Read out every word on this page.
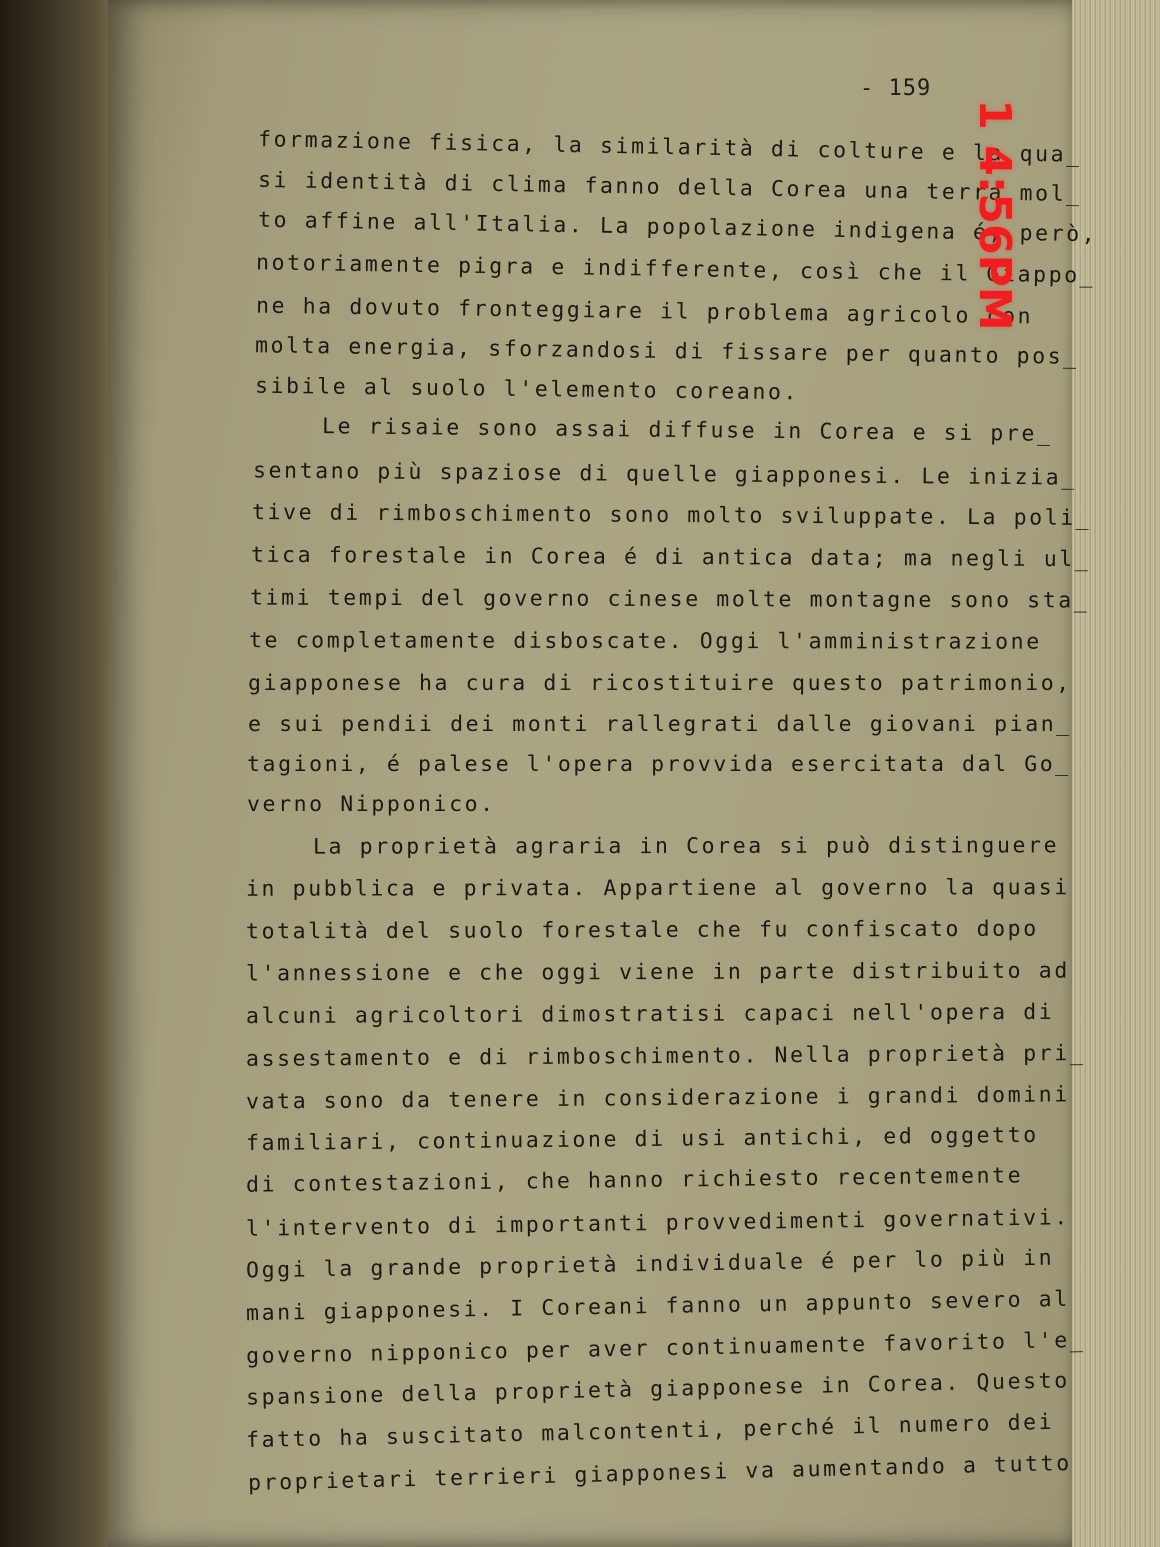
- 159
formazione fisica, la similarità di colture e la qua_
si identità di clima fanno della Corea una terra mol_
to affine all'Italia. La popolazione indigena é, però,
notoriamente pigra e indifferente, così che il Giappo_
ne ha dovuto fronteggiare il problema agricolo con
molta energia, sforzandosi di fissare per quanto pos_
sibile al suolo l'elemento coreano.
Le risaie sono assai diffuse in Corea e si pre_
sentano più spaziose di quelle giapponesi. Le inizia_
tive di rimboschimento sono molto sviluppate. La poli_
tica forestale in Corea é di antica data; ma negli ul_
timi tempi del governo cinese molte montagne sono sta_
te completamente disboscate. Oggi l'amministrazione
giapponese ha cura di ricostituire questo patrimonio,
e sui pendii dei monti rallegrati dalle giovani pian_
tagioni, é palese l'opera provvida esercitata dal Go_
verno Nipponico.
La proprietà agraria in Corea si può distinguere
in pubblica e privata. Appartiene al governo la quasi
totalità del suolo forestale che fu confiscato dopo
l'annessione e che oggi viene in parte distribuito ad
alcuni agricoltori dimostratisi capaci nell'opera di
assestamento e di rimboschimento. Nella proprietà pri_
vata sono da tenere in considerazione i grandi domini
familiari, continuazione di usi antichi, ed oggetto
di contestazioni, che hanno richiesto recentemente
l'intervento di importanti provvedimenti governativi.
Oggi la grande proprietà individuale é per lo più in
mani giapponesi. I Coreani fanno un appunto severo al
governo nipponico per aver continuamente favorito l'e_
spansione della proprietà giapponese in Corea. Questo
fatto ha suscitato malcontenti, perché il numero dei
proprietari terrieri giapponesi va aumentando a tutto
1 4:56PM
